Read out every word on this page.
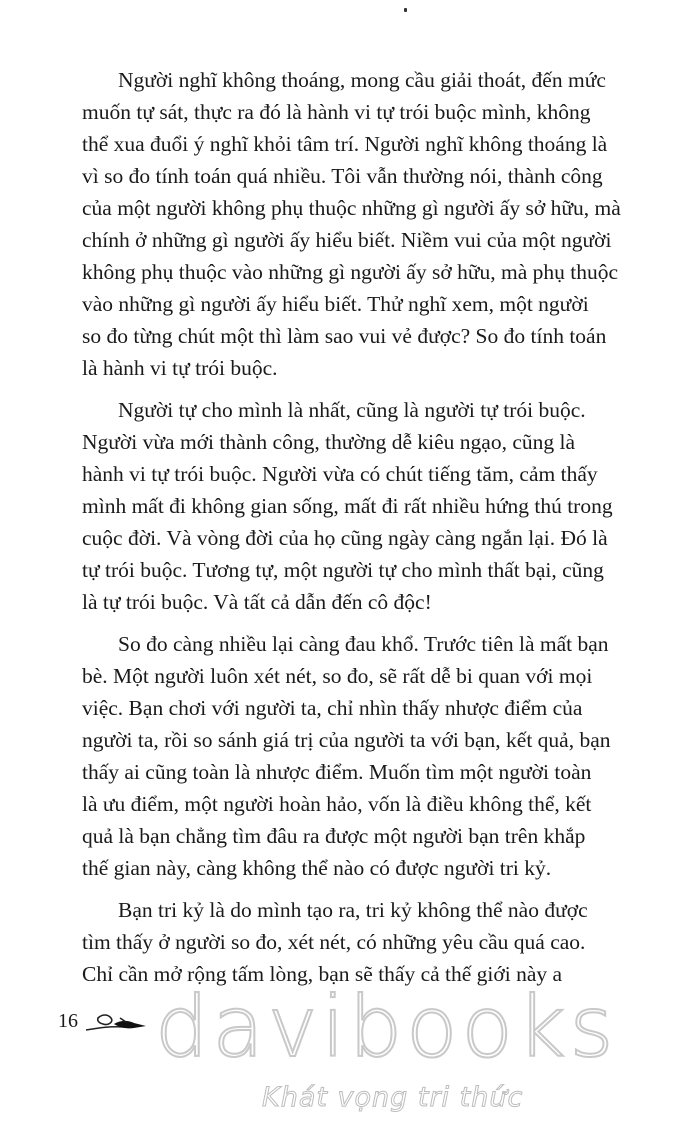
Người nghĩ không thoáng, mong cầu giải thoát, đến mức
muốn tự sát, thực ra đó là hành vi tự trói buộc mình, không
thể xua đuổi ý nghĩ khỏi tâm trí. Người nghĩ không thoáng là
vì so đo tính toán quá nhiều. Tôi vẫn thường nói, thành công
của một người không phụ thuộc những gì người ấy sở hữu, mà
chính ở những gì người ấy hiểu biết. Niềm vui của một người
không phụ thuộc vào những gì người ấy sở hữu, mà phụ thuộc
vào những gì người ấy hiểu biết. Thử nghĩ xem, một người
so đo từng chút một thì làm sao vui vẻ được? So đo tính toán
là hành vi tự trói buộc.
Người tự cho mình là nhất, cũng là người tự trói buộc.
Người vừa mới thành công, thường dễ kiêu ngạo, cũng là
hành vi tự trói buộc. Người vừa có chút tiếng tăm, cảm thấy
mình mất đi không gian sống, mất đi rất nhiều hứng thú trong
cuộc đời. Và vòng đời của họ cũng ngày càng ngắn lại. Đó là
tự trói buộc. Tương tự, một người tự cho mình thất bại, cũng
là tự trói buộc. Và tất cả dẫn đến cô độc!
So đo càng nhiều lại càng đau khổ. Trước tiên là mất bạn
bè. Một người luôn xét nét, so đo, sẽ rất dễ bi quan với mọi
việc. Bạn chơi với người ta, chỉ nhìn thấy nhược điểm của
người ta, rồi so sánh giá trị của người ta với bạn, kết quả, bạn
thấy ai cũng toàn là nhược điểm. Muốn tìm một người toàn
là ưu điểm, một người hoàn hảo, vốn là điều không thể, kết
quả là bạn chẳng tìm đâu ra được một người bạn trên khắp
thế gian này, càng không thể nào có được người tri kỷ.
Bạn tri kỷ là do mình tạo ra, tri kỷ không thể nào được
tìm thấy ở người so đo, xét nét, có những yêu cầu quá cao.
Chỉ cần mở rộng tấm lòng, bạn sẽ thấy cả thế giới này a
16 davibooks
Khát vọng tri thức
